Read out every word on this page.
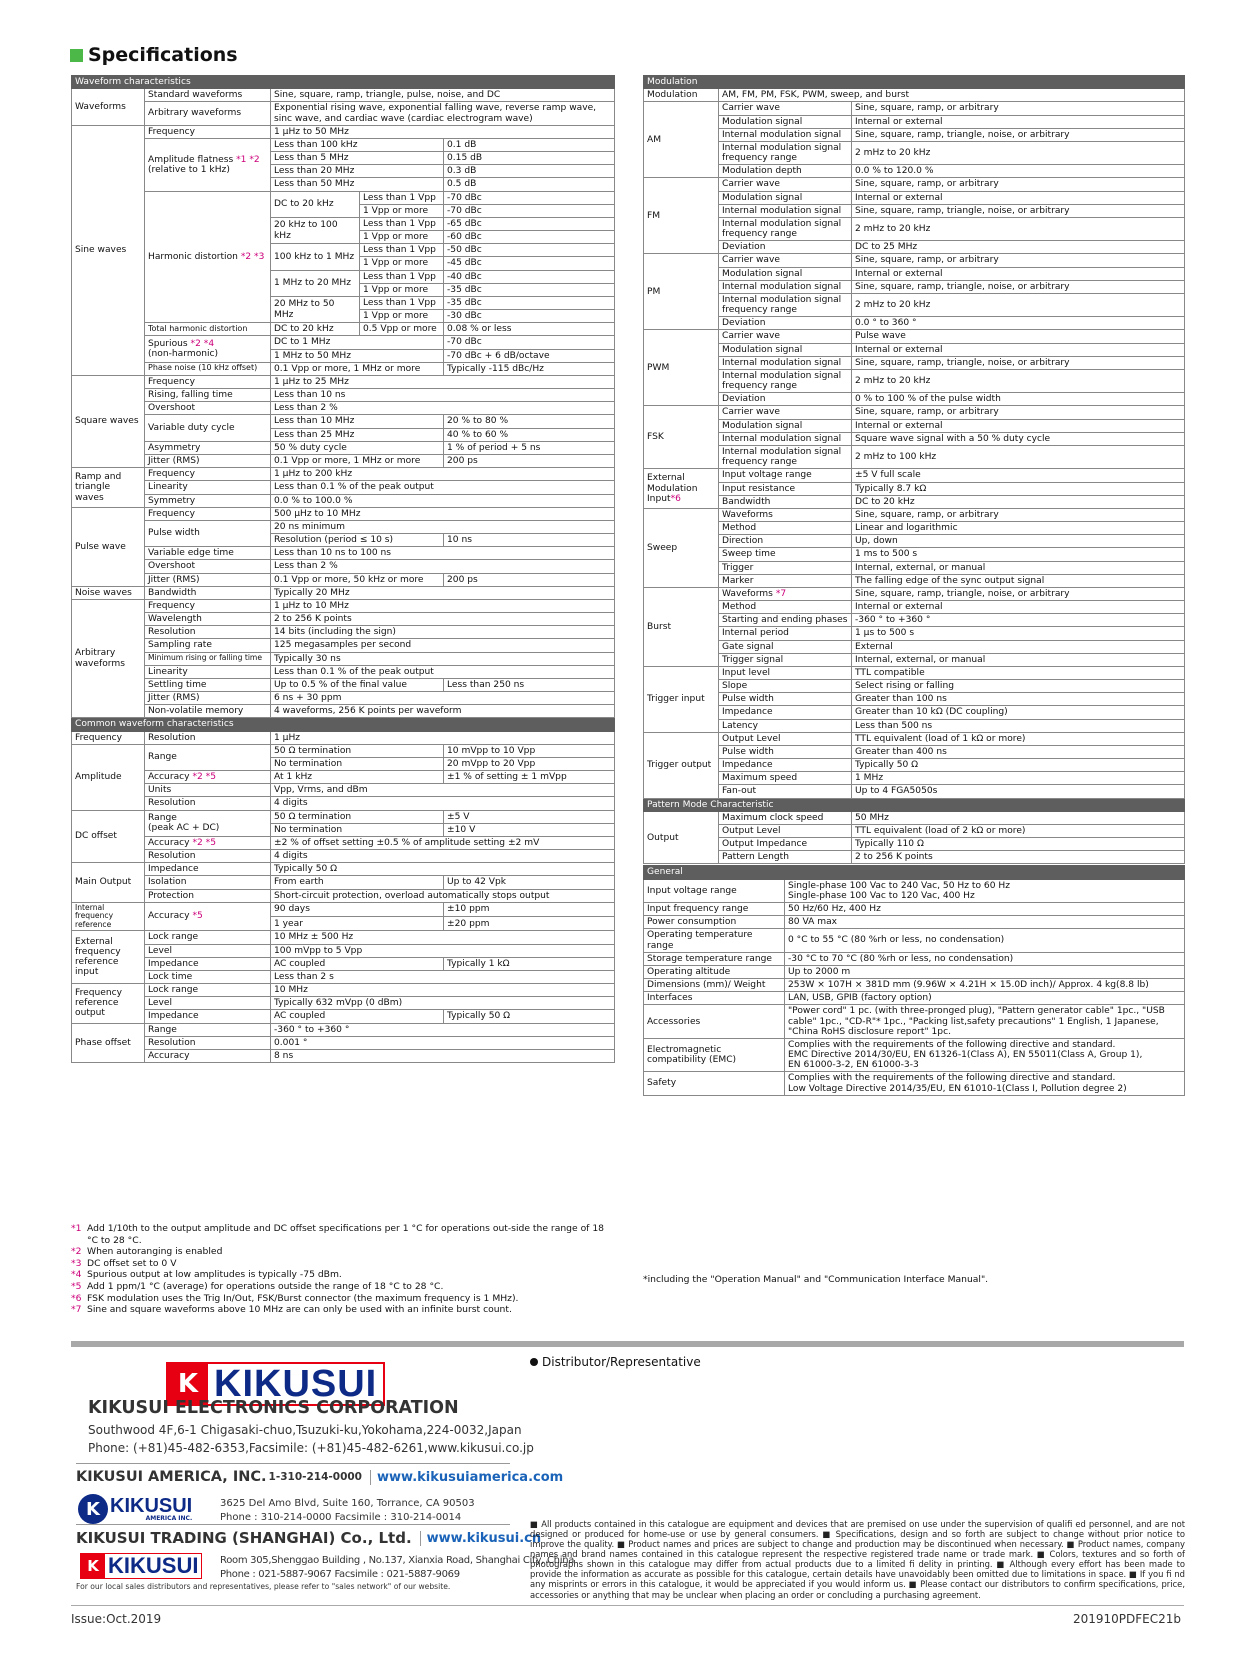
Specifications
Waveform characteristics				
Waveforms	Standard waveforms	Sine, square, ramp, triangle, pulse, noise, and DC		
	Arbitrary waveforms	Exponential rising wave, exponential falling wave, reverse ramp wave, sinc wave, and cardiac wave (cardiac electrogram wave)		
Sine waves	Frequency	1 μHz to 50 MHz		
	Amplitude flatness *1 *2
(relative to 1 kHz)	Less than 100 kHz		0.1 dB
		Less than 5 MHz		0.15 dB
		Less than 20 MHz		0.3 dB
		Less than 50 MHz		0.5 dB
	Harmonic distortion *2 *3	DC to 20 kHz	Less than 1 Vpp	-70 dBc
			1 Vpp or more	-70 dBc
		20 kHz to 100 kHz	Less than 1 Vpp	-65 dBc
			1 Vpp or more	-60 dBc
		100 kHz to 1 MHz	Less than 1 Vpp	-50 dBc
			1 Vpp or more	-45 dBc
		1 MHz to 20 MHz	Less than 1 Vpp	-40 dBc
			1 Vpp or more	-35 dBc
		20 MHz to 50 MHz	Less than 1 Vpp	-35 dBc
			1 Vpp or more	-30 dBc
	Total harmonic distortion	DC to 20 kHz	0.5 Vpp or more	0.08 % or less
	Spurious *2 *4
(non-harmonic)	DC to 1 MHz		-70 dBc
		1 MHz to 50 MHz		-70 dBc + 6 dB/octave
	Phase noise (10 kHz offset)	0.1 Vpp or more, 1 MHz or more		Typically -115 dBc/Hz
Square waves	Frequency	1 μHz to 25 MHz		
	Rising, falling time	Less than 10 ns		
	Overshoot	Less than 2 %		
	Variable duty cycle	Less than 10 MHz		20 % to 80 %
		Less than 25 MHz		40 % to 60 %
	Asymmetry	50 % duty cycle		1 % of period + 5 ns
	Jitter (RMS)	0.1 Vpp or more, 1 MHz or more		200 ps
Ramp and triangle waves	Frequency	1 μHz to 200 kHz		
	Linearity	Less than 0.1 % of the peak output		
	Symmetry	0.0 % to 100.0 %		
Pulse wave	Frequency	500 μHz to 10 MHz		
	Pulse width	20 ns minimum		
		Resolution (period ≤ 10 s)		10 ns
	Variable edge time	Less than 10 ns to 100 ns		
	Overshoot	Less than 2 %		
	Jitter (RMS)	0.1 Vpp or more, 50 kHz or more		200 ps
Noise waves	Bandwidth	Typically 20 MHz		
Arbitrary waveforms	Frequency	1 μHz to 10 MHz		
	Wavelength	2 to 256 K points		
	Resolution	14 bits (including the sign)		
	Sampling rate	125 megasamples per second		
	Minimum rising or falling time	Typically 30 ns		
	Linearity	Less than 0.1 % of the peak output		
	Settling time	Up to 0.5 % of the final value		Less than 250 ns
	Jitter (RMS)	6 ns + 30 ppm		
	Non-volatile memory	4 waveforms, 256 K points per waveform		
Common waveform characteristics				
Frequency	Resolution	1 μHz		
Amplitude	Range	50 Ω termination		10 mVpp to 10 Vpp
		No termination		20 mVpp to 20 Vpp
	Accuracy *2 *5	At 1 kHz		±1 % of setting ± 1 mVpp
	Units	Vpp, Vrms, and dBm		
	Resolution	4 digits		
DC offset	Range
(peak AC + DC)	50 Ω termination		±5 V
		No termination		±10 V
	Accuracy *2 *5	±2 % of offset setting ±0.5 % of amplitude setting ±2 mV		
	Resolution	4 digits		
Main Output	Impedance	Typically 50 Ω		
	Isolation	From earth		Up to 42 Vpk
	Protection	Short-circuit protection, overload automatically stops output		
Internal frequency reference	Accuracy *5	90 days		±10 ppm
		1 year		±20 ppm
External frequency reference input	Lock range	10 MHz ± 500 Hz		
	Level	100 mVpp to 5 Vpp		
	Impedance	AC coupled		Typically 1 kΩ
	Lock time	Less than 2 s		
Frequency reference output	Lock range	10 MHz		
	Level	Typically 632 mVpp (0 dBm)		
	Impedance	AC coupled		Typically 50 Ω
Phase offset	Range	-360 ° to +360 °		
	Resolution	0.001 °		
	Accuracy	8 ns		
*1 Add 1/10th to the output amplitude and DC offset specifications per 1 °C for operations out-side the range of 18 °C to 28 °C.
*2 When autoranging is enabled
*3 DC offset set to 0 V
*4 Spurious output at low amplitudes is typically -75 dBm.
*5 Add 1 ppm/1 °C (average) for operations outside the range of 18 °C to 28 °C.
*6 FSK modulation uses the Trig In/Out, FSK/Burst connector (the maximum frequency is 1 MHz).
*7 Sine and square waveforms above 10 MHz are can only be used with an infinite burst count.
Modulation		
Modulation	AM, FM, PM, FSK, PWM, sweep, and burst	
AM	Carrier wave	Sine, square, ramp, or arbitrary
	Modulation signal	Internal or external
	Internal modulation signal	Sine, square, ramp, triangle, noise, or arbitrary
	Internal modulation signal frequency range	2 mHz to 20 kHz
	Modulation depth	0.0 % to 120.0 %
FM	Carrier wave	Sine, square, ramp, or arbitrary
	Modulation signal	Internal or external
	Internal modulation signal	Sine, square, ramp, triangle, noise, or arbitrary
	Internal modulation signal frequency range	2 mHz to 20 kHz
	Deviation	DC to 25 MHz
PM	Carrier wave	Sine, square, ramp, or arbitrary
	Modulation signal	Internal or external
	Internal modulation signal	Sine, square, ramp, triangle, noise, or arbitrary
	Internal modulation signal frequency range	2 mHz to 20 kHz
	Deviation	0.0 ° to 360 °
PWM	Carrier wave	Pulse wave
	Modulation signal	Internal or external
	Internal modulation signal	Sine, square, ramp, triangle, noise, or arbitrary
	Internal modulation signal frequency range	2 mHz to 20 kHz
	Deviation	0 % to 100 % of the pulse width
FSK	Carrier wave	Sine, square, ramp, or arbitrary
	Modulation signal	Internal or external
	Internal modulation signal	Square wave signal with a 50 % duty cycle
	Internal modulation signal frequency range	2 mHz to 100 kHz
External Modulation Input*6	Input voltage range	±5 V full scale
	Input resistance	Typically 8.7 kΩ
	Bandwidth	DC to 20 kHz
Sweep	Waveforms	Sine, square, ramp, or arbitrary
	Method	Linear and logarithmic
	Direction	Up, down
	Sweep time	1 ms to 500 s
	Trigger	Internal, external, or manual
	Marker	The falling edge of the sync output signal
Burst	Waveforms *7	Sine, square, ramp, triangle, noise, or arbitrary
	Method	Internal or external
	Starting and ending phases	-360 ° to +360 °
	Internal period	1 μs to 500 s
	Gate signal	External
	Trigger signal	Internal, external, or manual
Trigger input	Input level	TTL compatible
	Slope	Select rising or falling
	Pulse width	Greater than 100 ns
	Impedance	Greater than 10 kΩ (DC coupling)
	Latency	Less than 500 ns
Trigger output	Output Level	TTL equivalent (load of 1 kΩ or more)
	Pulse width	Greater than 400 ns
	Impedance	Typically 50 Ω
	Maximum speed	1 MHz
	Fan-out	Up to 4 FGA5050s
Pattern Mode Characteristic		
Output	Maximum clock speed	50 MHz
	Output Level	TTL equivalent (load of 2 kΩ or more)
	Output Impedance	Typically 110 Ω
	Pattern Length	2 to 256 K points
General	
Input voltage range	Single-phase 100 Vac to 240 Vac, 50 Hz to 60 Hz
Single-phase 100 Vac to 120 Vac, 400 Hz

Input frequency range	50 Hz/60 Hz, 400 Hz

Power consumption	80 VA max

Operating temperature range	0 °C to 55 °C (80 %rh or less, no condensation)

Storage temperature range	-30 °C to 70 °C (80 %rh or less, no condensation)

Operating altitude	Up to 2000 m

Dimensions (mm)/ Weight	253W × 107H × 381D mm (9.96W × 4.21H × 15.0D inch)/ Approx. 4 kg(8.8 lb)

Interfaces	LAN, USB, GPIB (factory option)

Accessories	"Power cord" 1 pc. (with three-pronged plug), "Pattern generator cable" 1pc., "USB cable" 1pc., "CD-R"* 1pc., "Packing list,safety precautions" 1 English, 1 Japanese, "China RoHS disclosure report" 1pc.

Electromagnetic compatibility (EMC)	Complies with the requirements of the following directive and standard.
EMC Directive 2014/30/EU, EN 61326-1(Class A), EN 55011(Class A, Group 1),
EN 61000-3-2, EN 61000-3-3

Safety	Complies with the requirements of the following directive and standard.
Low Voltage Directive 2014/35/EU, EN 61010-1(Class I, Pollution degree 2)
*including the "Operation Manual" and "Communication Interface Manual".
K KIKUSUI
KIKUSUI ELECTRONICS CORPORATION
Southwood 4F,6-1 Chigasaki-chuo,Tsuzuki-ku,Yokohama,224-0032,Japan
Phone: (+81)45-482-6353,Facsimile: (+81)45-482-6261,www.kikusui.co.jp
KIKUSUI AMERICA, INC. 1-310-214-0000	www.kikusuiamerica.com
K KIKUSUI
AMERICA INC.
3625 Del Amo Blvd, Suite 160, Torrance, CA 90503
Phone : 310-214-0000 Facsimile : 310-214-0014
KIKUSUI TRADING (SHANGHAI) Co., Ltd.	www.kikusui.cn
K KIKUSUI	Room 305,Shenggao Building , No.137, Xianxia Road, Shanghai City, China
Phone : 021-5887-9067 Facsimile : 021-5887-9069
For our local sales distributors and representatives, please refer to "sales network" of our website.
Distributor/Representative
■ All products contained in this catalogue are equipment and devices that are premised on use under the supervision of qualifi ed personnel, and are not designed or produced for home-use or use by general consumers. ■ Specifications, design and so forth are subject to change without prior notice to improve the quality. ■ Product names and prices are subject to change and production may be discontinued when necessary. ■ Product names, company names and brand names contained in this catalogue represent the respective registered trade name or trade mark. ■ Colors, textures and so forth of photographs shown in this catalogue may differ from actual products due to a limited fi delity in printing. ■ Although every effort has been made to provide the information as accurate as possible for this catalogue, certain details have unavoidably been omitted due to limitations in space. ■ If you fi nd any misprints or errors in this catalogue, it would be appreciated if you would inform us. ■ Please contact our distributors to confirm specifications, price, accessories or anything that may be unclear when placing an order or concluding a purchasing agreement.
Issue:Oct.2019	201910PDFEC21b
